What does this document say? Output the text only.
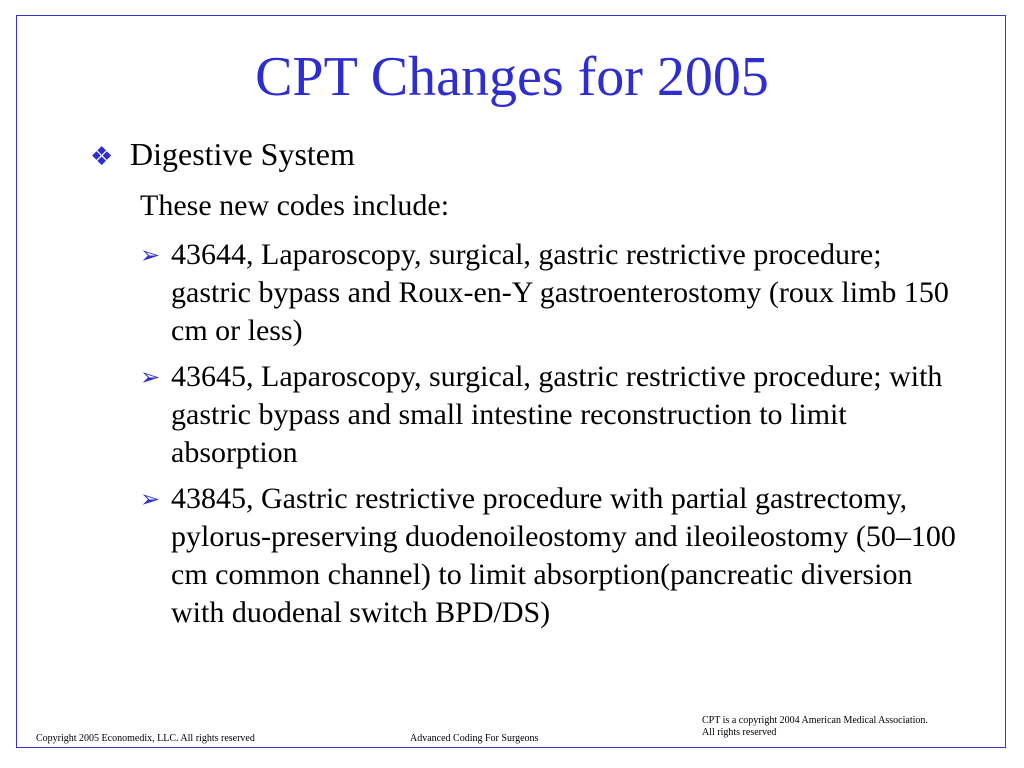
CPT Changes for 2005
❖ Digestive System
These new codes include:
➢ 43644, Laparoscopy, surgical, gastric restrictive procedure; gastric bypass and Roux-en-Y gastroenterostomy (roux limb 150 cm or less)
➢ 43645, Laparoscopy, surgical, gastric restrictive procedure; with gastric bypass and small intestine reconstruction to limit absorption
➢ 43845, Gastric restrictive procedure with partial gastrectomy, pylorus-preserving duodenoileostomy and ileoileostomy (50–100 cm common channel) to limit absorption(pancreatic diversion with duodenal switch BPD/DS)
Copyright 2005 Economedix, LLC. All rights reserved	Advanced Coding For Surgeons
CPT is a copyright 2004 American Medical Association.
All rights reserved
